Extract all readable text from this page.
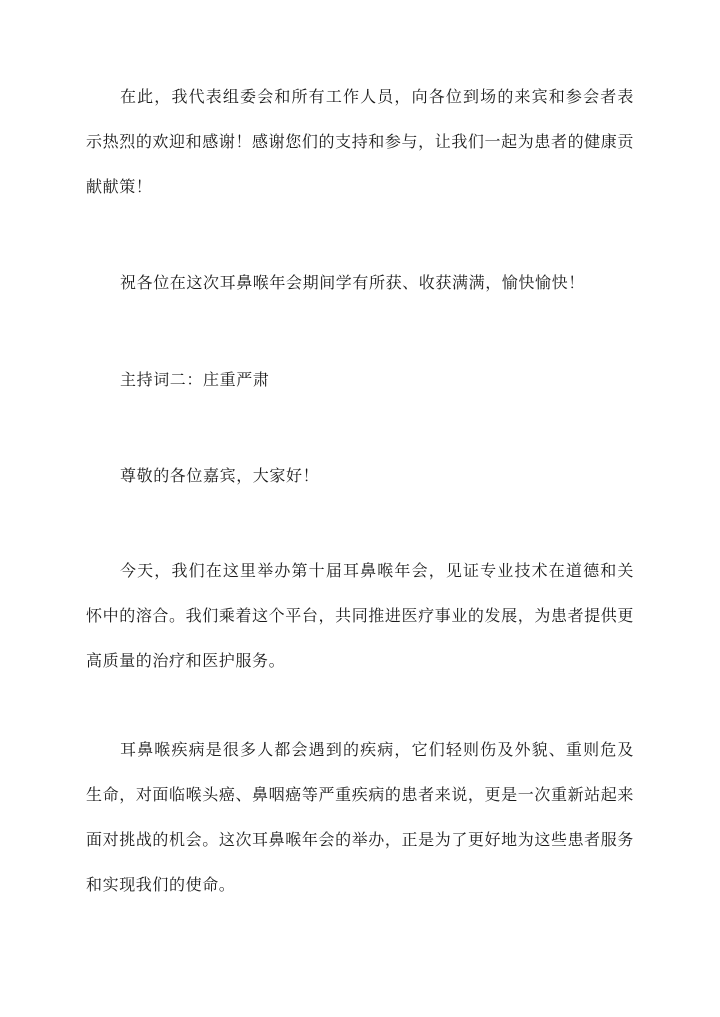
在此，我代表组委会和所有工作人员，向各位到场的来宾和参会者表示热烈的欢迎和感谢！感谢您们的支持和参与，让我们一起为患者的健康贡献献策！

祝各位在这次耳鼻喉年会期间学有所获、收获满满，愉快愉快！

主持词二：庄重严肃

尊敬的各位嘉宾，大家好！

今天，我们在这里举办第十届耳鼻喉年会，见证专业技术在道德和关怀中的溶合。我们乘着这个平台，共同推进医疗事业的发展，为患者提供更高质量的治疗和医护服务。

耳鼻喉疾病是很多人都会遇到的疾病，它们轻则伤及外貌、重则危及生命，对面临喉头癌、鼻咽癌等严重疾病的患者来说，更是一次重新站起来面对挑战的机会。这次耳鼻喉年会的举办，正是为了更好地为这些患者服务和实现我们的使命。
